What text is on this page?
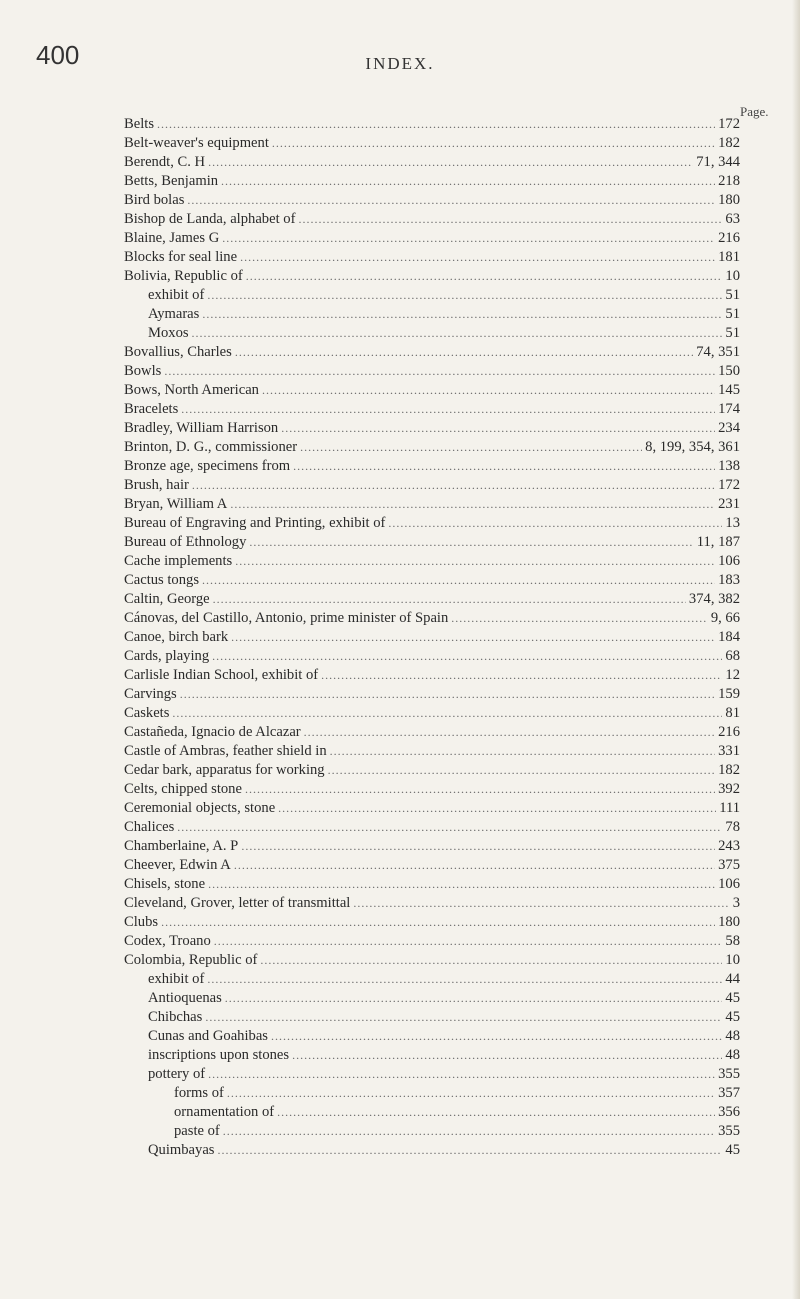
400	INDEX.
Page.
Belts .....	172
Belt-weaver's equipment .....	182
Berendt, C. H .....	71, 344
Betts, Benjamin .....	218
Bird bolas .....	180
Bishop de Landa, alphabet of .....	63
Blaine, James G .....	216
Blocks for seal line .....	181
Bolivia, Republic of .....	10
exhibit of .....	51
Aymaras .....	51
Moxos .....	51
Bovallius, Charles .....	74, 351
Bowls .....	150
Bows, North American .....	145
Bracelets .....	174
Bradley, William Harrison .....	234
Brinton, D. G., commissioner .....	8, 199, 354, 361
Bronze age, specimens from .....	138
Brush, hair .....	172
Bryan, William A .....	231
Bureau of Engraving and Printing, exhibit of .....	13
Bureau of Ethnology .....	11, 187
Cache implements .....	106
Cactus tongs .....	183
Caltin, George .....	374, 382
Cánovas, del Castillo, Antonio, prime minister of Spain .....	9, 66
Canoe, birch bark .....	184
Cards, playing .....	68
Carlisle Indian School, exhibit of .....	12
Carvings .....	159
Caskets .....	81
Castañeda, Ignacio de Alcazar .....	216
Castle of Ambras, feather shield in .....	331
Cedar bark, apparatus for working .....	182
Celts, chipped stone .....	392
Ceremonial objects, stone .....	111
Chalices .....	78
Chamberlaine, A. P .....	243
Cheever, Edwin A .....	375
Chisels, stone .....	106
Cleveland, Grover, letter of transmittal .....	3
Clubs .....	180
Codex, Troano .....	58
Colombia, Republic of .....	10
exhibit of .....	44
Antioquenas .....	45
Chibchas .....	45
Cunas and Goahibas .....	48
inscriptions upon stones .....	48
pottery of .....	355
forms of .....	357
ornamentation of .....	356
paste of .....	355
Quimbayas .....	45
